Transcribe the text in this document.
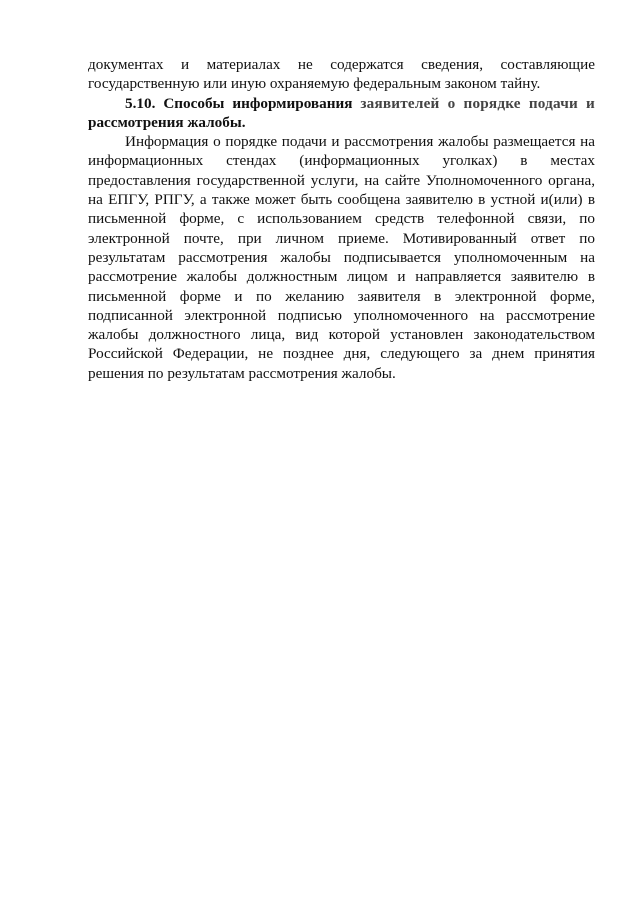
документах и материалах не содержатся сведения, составляющие
государственную или иную охраняемую федеральным законом тайну.
5.10. Способы информирования заявителей о порядке подачи и
рассмотрения жалобы.
Информация о порядке подачи и рассмотрения жалобы размещается на
информационных стендах (информационных уголках) в местах
предоставления государственной услуги, на сайте Уполномоченного органа,
на ЕПГУ, РПГУ, а также может быть сообщена заявителю в устной и(или) в
письменной форме, с использованием средств телефонной связи, по
электронной почте, при личном приеме. Мотивированный ответ по
результатам рассмотрения жалобы подписывается уполномоченным на
рассмотрение жалобы должностным лицом и направляется заявителю в
письменной форме и по желанию заявителя в электронной форме,
подписанной электронной подписью уполномоченного на рассмотрение
жалобы должностного лица, вид которой установлен законодательством
Российской Федерации, не позднее дня, следующего за днем принятия
решения по результатам рассмотрения жалобы.
